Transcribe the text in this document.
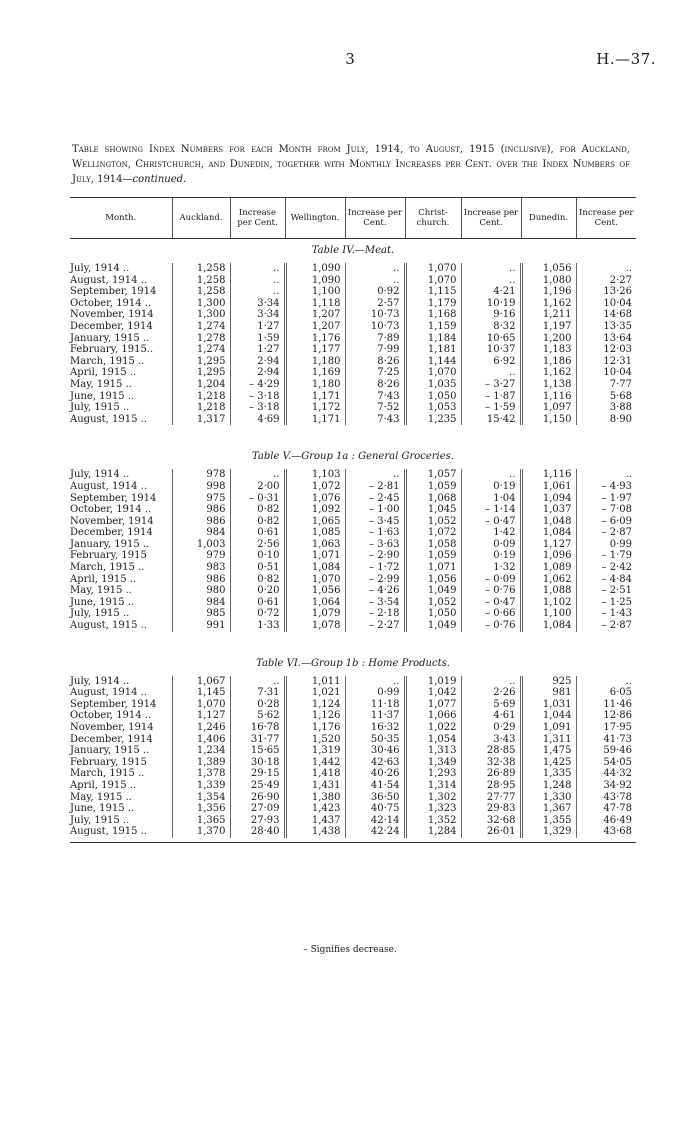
3	H.—37.
Table showing Index Numbers for each Month from July, 1914, to August, 1915 (inclusive), for Auckland, Wellington, Christchurch, and Dunedin, together with Monthly Increases per Cent. over the Index Numbers of July, 1914—continued.
Month.	Auckland.	Increase per Cent.	Wellington.	Increase per Cent.	Christ-church.	Increase per Cent.	Dunedin.	Increase per Cent.
Table IV.—Meat.								
July, 1914 ..	1,258	..	1,090	..	1,070	..	1,056	..
August, 1914 ..	1,258	..	1,090	..	1,070	..	1,080	2·27
September, 1914	1,258	..	1,100	0·92	1,115	4·21	1,196	13·26
October, 1914 ..	1,300	3·34	1,118	2·57	1,179	10·19	1,162	10·04
November, 1914	1,300	3·34	1,207	10·73	1,168	9·16	1,211	14·68
December, 1914	1,274	1·27	1,207	10·73	1,159	8·32	1,197	13·35
January, 1915 ..	1,278	1·59	1,176	7·89	1,184	10·65	1,200	13·64
February, 1915..	1,274	1·27	1,177	7·99	1,181	10·37	1,183	12·03
March, 1915 ..	1,295	2·94	1,180	8·26	1,144	6·92	1,186	12·31
April, 1915 ..	1,295	2·94	1,169	7·25	1,070	..	1,162	10·04
May, 1915 ..	1,204	– 4·29	1,180	8·26	1,035	– 3·27	1,138	7·77
June, 1915 ..	1,218	– 3·18	1,171	7·43	1,050	– 1·87	1,116	5·68
July, 1915 ..	1,218	– 3·18	1,172	7·52	1,053	– 1·59	1,097	3·88
August, 1915 ..	1,317	4·69	1,171	7·43	1,235	15·42	1,150	8·90

Table V.—Group 1a : General Groceries.								
July, 1914 ..	978	..	1,103	..	1,057	..	1,116	..
August, 1914 ..	998	2·00	1,072	– 2·81	1,059	0·19	1,061	– 4·93
September, 1914	975	– 0·31	1,076	– 2·45	1,068	1·04	1,094	– 1·97
October, 1914 ..	986	0·82	1,092	– 1·00	1,045	– 1·14	1,037	– 7·08
November, 1914	986	0·82	1,065	– 3·45	1,052	– 0·47	1,048	– 6·09
December, 1914	984	0·61	1,085	– 1·63	1,072	1·42	1,084	– 2·87
January, 1915 ..	1,003	2·56	1,063	– 3·63	1,058	0·09	1,127	0·99
February, 1915	979	0·10	1,071	– 2·90	1,059	0·19	1,096	– 1·79
March, 1915 ..	983	0·51	1,084	– 1·72	1,071	1·32	1,089	– 2·42
April, 1915 ..	986	0·82	1,070	– 2·99	1,056	– 0·09	1,062	– 4·84
May, 1915 ..	980	0·20	1,056	– 4·26	1,049	– 0·76	1,088	– 2·51
June, 1915 ..	984	0·61	1,064	– 3·54	1,052	– 0·47	1,102	– 1·25
July, 1915 ..	985	0·72	1,079	– 2·18	1,050	– 0·66	1,100	– 1·43
August, 1915 ..	991	1·33	1,078	– 2·27	1,049	– 0·76	1,084	– 2·87

Table VI.—Group 1b : Home Products.								
July, 1914 ..	1,067	..	1,011	..	1,019	..	925	..
August, 1914 ..	1,145	7·31	1,021	0·99	1,042	2·26	981	6·05
September, 1914	1,070	0·28	1,124	11·18	1,077	5·69	1,031	11·46
October, 1914 ..	1,127	5·62	1,126	11·37	1,066	4·61	1,044	12·86
November, 1914	1,246	16·78	1,176	16·32	1,022	0·29	1,091	17·95
December, 1914	1,406	31·77	1,520	50·35	1,054	3·43	1,311	41·73
January, 1915 ..	1,234	15·65	1,319	30·46	1,313	28·85	1,475	59·46
February, 1915	1,389	30·18	1,442	42·63	1,349	32·38	1,425	54·05
March, 1915 ..	1,378	29·15	1,418	40·26	1,293	26·89	1,335	44·32
April, 1915 ..	1,339	25·49	1,431	41·54	1,314	28·95	1,248	34·92
May, 1915 ..	1,354	26·90	1,380	36·50	1,302	27·77	1,330	43·78
June, 1915 ..	1,356	27·09	1,423	40·75	1,323	29·83	1,367	47·78
July, 1915 ..	1,365	27·93	1,437	42·14	1,352	32·68	1,355	46·49
August, 1915 ..	1,370	28·40	1,438	42·24	1,284	26·01	1,329	43·68

– Signifies decrease.
